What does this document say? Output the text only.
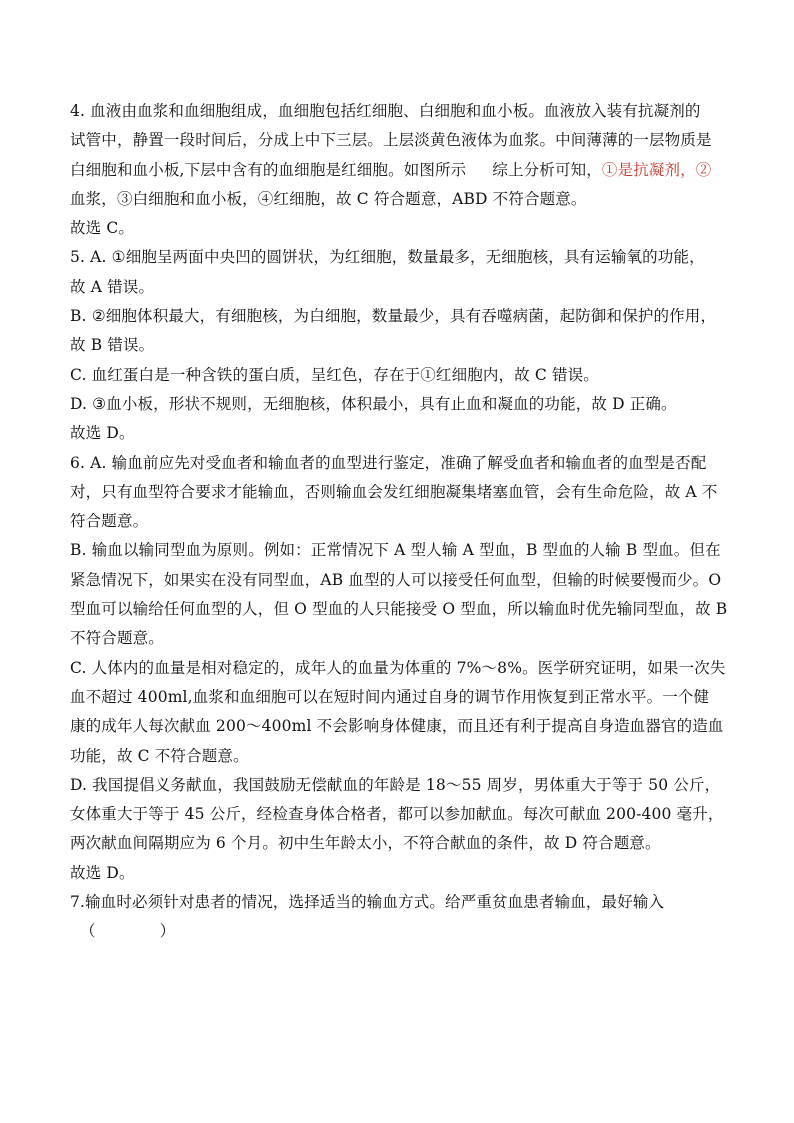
4. 血液由血浆和血细胞组成，血细胞包括红细胞、白细胞和血小板。血液放入装有抗凝剂的
试管中，静置一段时间后，分成上中下三层。上层淡黄色液体为血浆。中间薄薄的一层物质是
白细胞和血小板,下层中含有的血细胞是红细胞。如图所示 综上分析可知，①是抗凝剂，②
血浆，③白细胞和血小板，④红细胞，故 C 符合题意，ABD 不符合题意。
故选 C。
5. A. ①细胞呈两面中央凹的圆饼状，为红细胞，数量最多，无细胞核，具有运输氧的功能，
故 A 错误。
B. ②细胞体积最大，有细胞核，为白细胞，数量最少，具有吞噬病菌，起防御和保护的作用，
故 B 错误。
C. 血红蛋白是一种含铁的蛋白质，呈红色，存在于①红细胞内，故 C 错误。
D. ③血小板，形状不规则，无细胞核，体积最小，具有止血和凝血的功能，故 D 正确。
故选 D。
6. A. 输血前应先对受血者和输血者的血型进行鉴定，准确了解受血者和输血者的血型是否配
对，只有血型符合要求才能输血，否则输血会发红细胞凝集堵塞血管，会有生命危险，故 A 不
符合题意。
B. 输血以输同型血为原则。例如：正常情况下 A 型人输 A 型血，B 型血的人输 B 型血。但在
紧急情况下，如果实在没有同型血，AB 血型的人可以接受任何血型，但输的时候要慢而少。O
型血可以输给任何血型的人，但 O 型血的人只能接受 O 型血，所以输血时优先输同型血，故 B
不符合题意。
C. 人体内的血量是相对稳定的，成年人的血量为体重的 7%～8%。医学研究证明，如果一次失
血不超过 400ml,血浆和血细胞可以在短时间内通过自身的调节作用恢复到正常水平。一个健
康的成年人每次献血 200～400ml 不会影响身体健康，而且还有利于提高自身造血器官的造血
功能，故 C 不符合题意。
D. 我国提倡义务献血，我国鼓励无偿献血的年龄是 18～55 周岁，男体重大于等于 50 公斤，
女体重大于等于 45 公斤，经检查身体合格者，都可以参加献血。每次可献血 200-400 毫升，
两次献血间隔期应为 6 个月。初中生年龄太小，不符合献血的条件，故 D 符合题意。
故选 D。
7.输血时必须针对患者的情况，选择适当的输血方式。给严重贫血患者输血，最好输入
（	）
